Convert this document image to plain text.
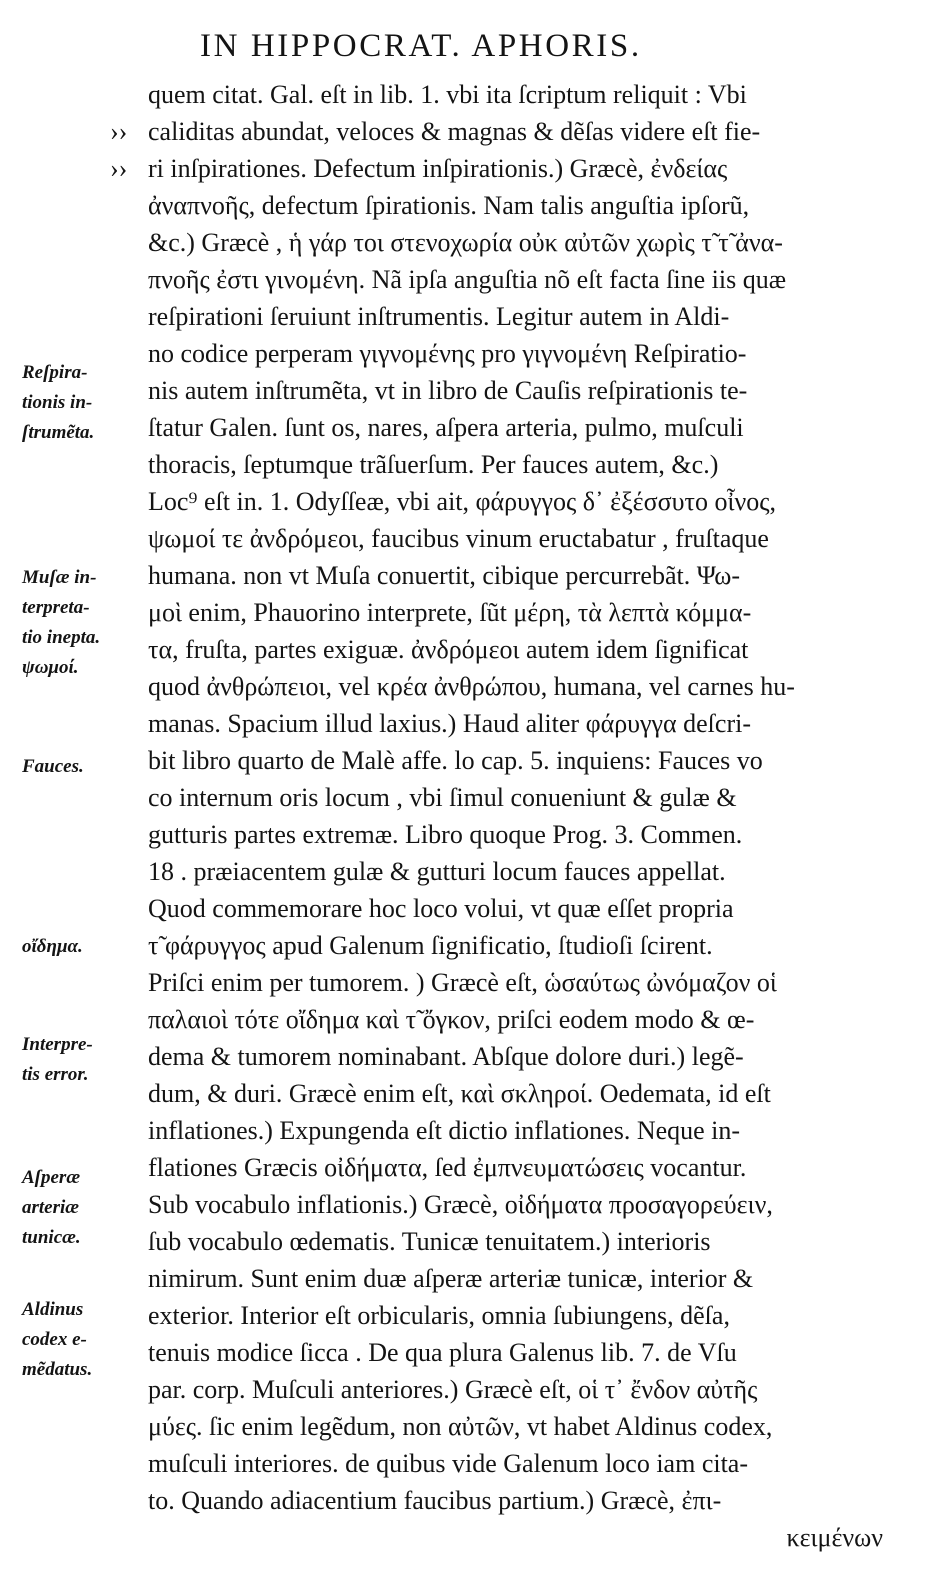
IN HIPPOCRAT. APHORIS.
››
››
Reſpira-
tionis in-
ſtrumẽta.
Muſæ in-
terpreta-
tio inepta.
ψωμοί.
Fauces.
οἴδημα.
Interpre-
tis error.
Aſperæ
arteriæ
tunicæ.
Aldinus
codex e-
mẽdatus.
quem citat. Gal. eſt in lib. 1. vbi ita ſcriptum reliquit : Vbi
caliditas abundat, veloces & magnas & dẽſas videre eſt fie-
ri inſpirationes. Defectum inſpirationis.) Græcè, ἐνδείας
ἀναπνοῆς, defectum ſpirationis. Nam talis anguſtia ipſorũ,
&c.) Græcè , ἡ γάρ τοι στενοχωρία οὐκ αὐτῶν χωρὶς τ̃ τ̃ ἀνα-
πνοῆς ἐστι γινομένη. Nã ipſa anguſtia nõ eſt facta ſine iis quæ
reſpirationi ſeruiunt inſtrumentis. Legitur autem in Aldi-
no codice perperam γιγνομένης pro γιγνομένη Reſpiratio-
nis autem inſtrumẽta, vt in libro de Cauſis reſpirationis te-
ſtatur Galen. ſunt os, nares, aſpera arteria, pulmo, muſculi
thoracis, ſeptumque trãſuerſum. Per fauces autem, &c.)
Loc⁹ eſt in. 1. Odyſſeæ, vbi ait, φάρυγγος δ᾽ ἐξέσσυτο οἶνος,
ψωμοί τε ἀνδρόμεοι, faucibus vinum eructabatur , fruſtaque
humana. non vt Muſa conuertit, cibique percurrebãt. Ψω-
μοὶ enim, Phauorino interprete, ſũt μέρη, τὰ λεπτὰ κόμμα-
τα, fruſta, partes exiguæ. ἀνδρόμεοι autem idem ſignificat
quod ἀνθρώπειοι, vel κρέα ἀνθρώπου, humana, vel carnes hu-
manas. Spacium illud laxius.) Haud aliter φάρυγγα deſcri-
bit libro quarto de Malè affe. lo cap. 5. inquiens: Fauces vo
co internum oris locum , vbi ſimul conueniunt & gulæ &
gutturis partes extremæ. Libro quoque Prog. 3. Commen.
18 . præiacentem gulæ & gutturi locum fauces appellat.
Quod commemorare hoc loco volui, vt quæ eſſet propria
τ̃ φάρυγγος apud Galenum ſignificatio, ſtudioſi ſcirent.
Priſci enim per tumorem. ) Græcè eſt, ὡσαύτως ὠνόμαζον οἱ
παλαιοὶ τότε οἴδημα καὶ τ̃ ὄγκον, priſci eodem modo & œ-
dema & tumorem nominabant. Abſque dolore duri.) legẽ-
dum, & duri. Græcè enim eſt, καὶ σκληροί. Oedemata, id eſt
inflationes.) Expungenda eſt dictio inflationes. Neque in-
flationes Græcis οἰδήματα, ſed ἐμπνευματώσεις vocantur.
Sub vocabulo inflationis.) Græcè, οἰδήματα προσαγορεύειν,
ſub vocabulo œdematis. Tunicæ tenuitatem.) interioris
nimirum. Sunt enim duæ aſperæ arteriæ tunicæ, interior &
exterior. Interior eſt orbicularis, omnia ſubiungens, dẽſa,
tenuis modice ſicca . De qua plura Galenus lib. 7. de Vſu
par. corp. Muſculi anteriores.) Græcè eſt, οἱ τ᾽ ἔνδον αὐτῆς
μύες. ſic enim legẽdum, non αὐτῶν, vt habet Aldinus codex,
muſculi interiores. de quibus vide Galenum loco iam cita-
to. Quando adiacentium faucibus partium.) Græcè, ἐπι-
κειμένων
